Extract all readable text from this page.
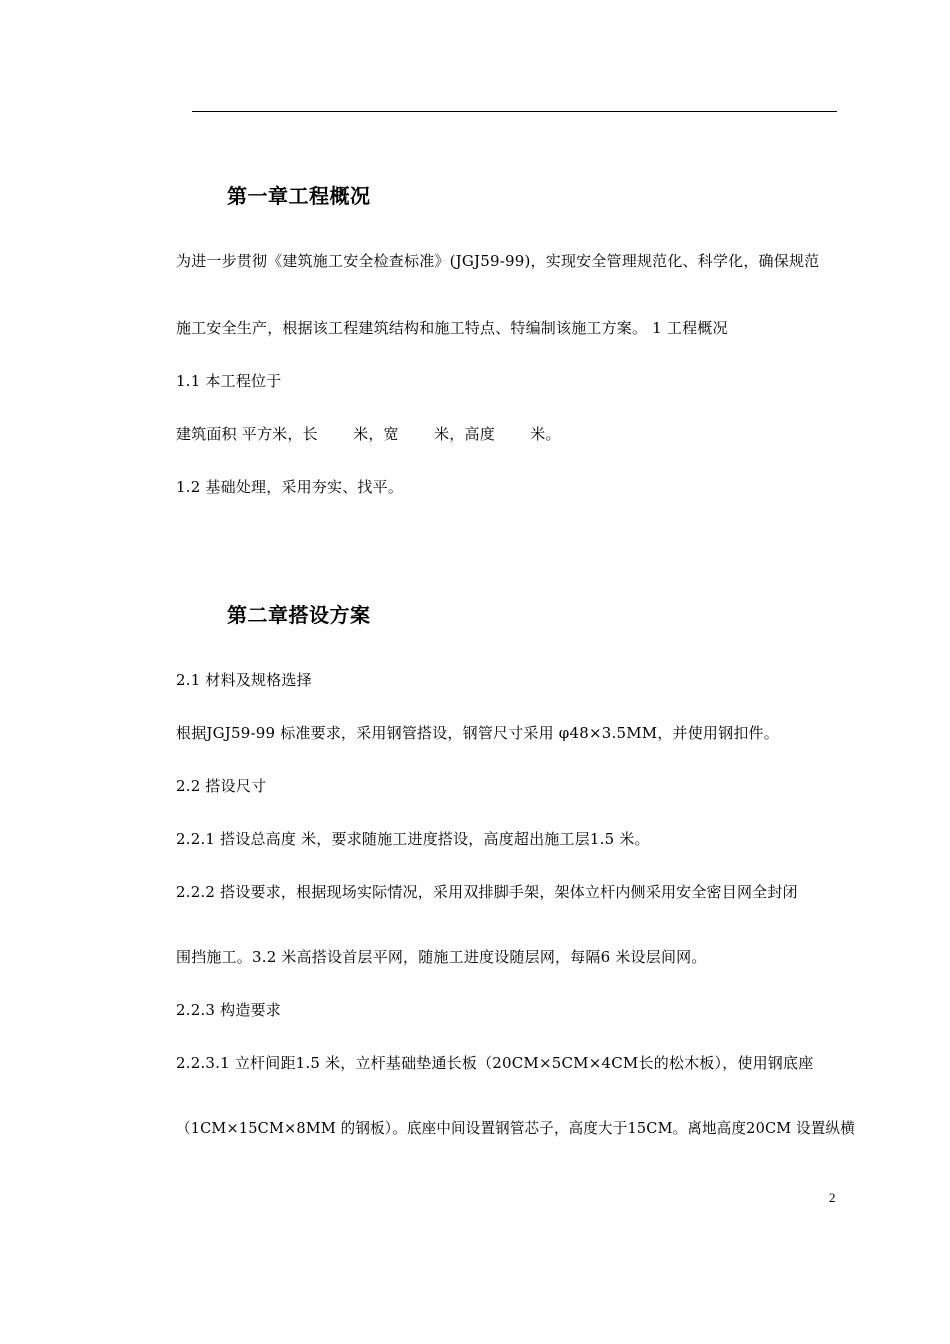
第一章工程概况
为进一步贯彻《建筑施工安全检查标准》(JGJ59-99)，实现安全管理规范化、科学化，确保规范
施工安全生产，根据该工程建筑结构和施工特点、特编制该施工方案。 1 工程概况
1.1 本工程位于
建筑面积 平方米，长　　 米，宽　　 米，高度　　 米。
1.2 基础处理，采用夯实、找平。
第二章搭设方案
2.1 材料及规格选择
根据JGJ59-99 标准要求，采用钢管搭设，钢管尺寸采用 φ48×3.5MM，并使用钢扣件。
2.2 搭设尺寸
2.2.1 搭设总高度 米，要求随施工进度搭设，高度超出施工层1.5 米。
2.2.2 搭设要求，根据现场实际情况，采用双排脚手架，架体立杆内侧采用安全密目网全封闭
围挡施工。3.2 米高搭设首层平网，随施工进度设随层网，每隔6 米设层间网。
2.2.3 构造要求
2.2.3.1 立杆间距1.5 米，立杆基础垫通长板（20CM×5CM×4CM长的松木板），使用钢底座
（1CM×15CM×8MM 的钢板）。底座中间设置钢管芯子，高度大于15CM。离地高度20CM 设置纵横
2
